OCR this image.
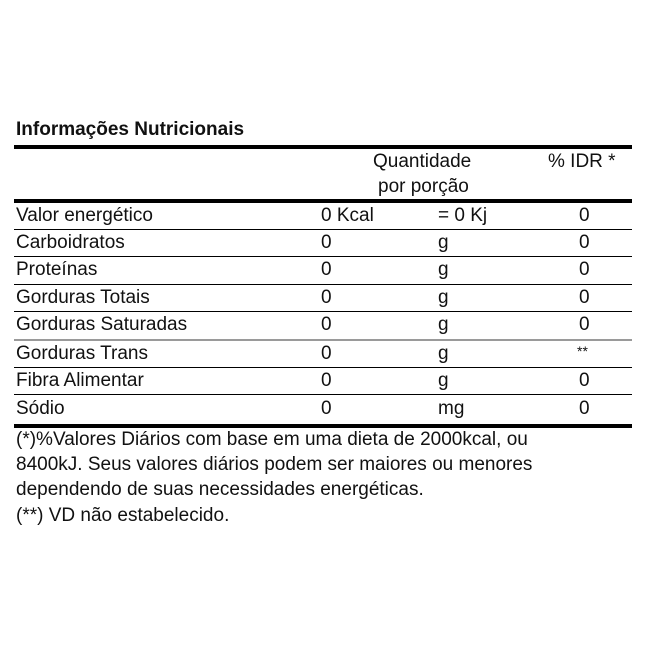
Informações Nutricionais
Quantidade
por porção
% IDR *
Valor energético	0 Kcal	= 0 Kj	0
Carboidratos	0	g	0
Proteínas	0	g	0
Gorduras Totais	0	g	0
Gorduras Saturadas	0	g	0
Gorduras Trans	0	g	**
Fibra Alimentar	0	g	0
Sódio	0	mg	0
(*)%Valores Diários com base em uma dieta de 2000kcal, ou
8400kJ. Seus valores diários podem ser maiores ou menores
dependendo de suas necessidades energéticas.
(**) VD não estabelecido.
